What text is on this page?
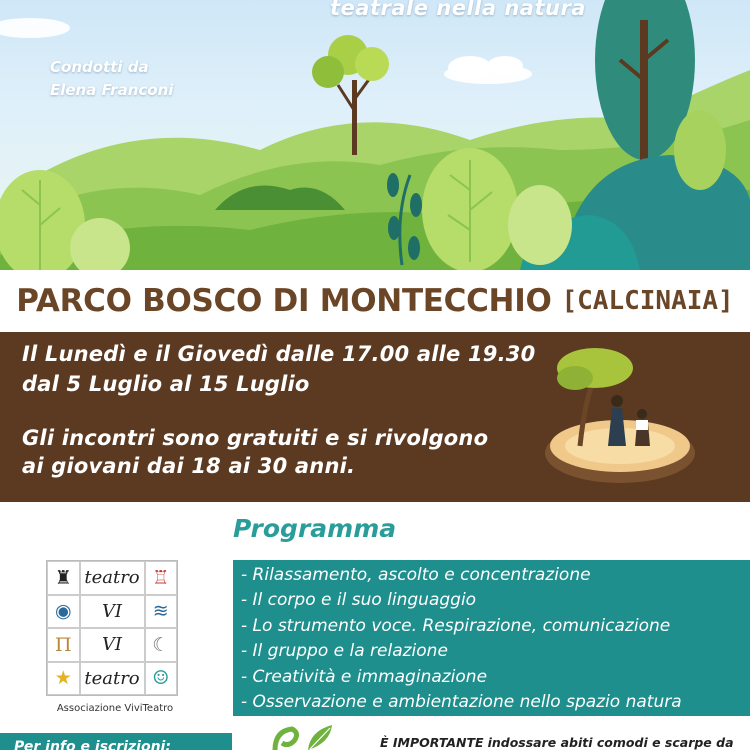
teatrale nella natura
Condotti da
Elena Franconi
PARCO BOSCO DI MONTECCHIO [CALCINAIA]
Il Lunedì e il Giovedì dalle 17.00 alle 19.30
dal 5 Luglio al 15 Luglio
Gli incontri sono gratuiti e si rivolgono
ai giovani dai 18 ai 30 anni.
♜ teatro ♖
◉	VI	≋
Π	VI	☾
★ teatro ☺
Associazione ViviTeatro
Programma
- Rilassamento, ascolto e concentrazione
- Il corpo e il suo linguaggio
- Lo strumento voce. Respirazione, comunicazione
- Il gruppo e la relazione
- Creatività e immaginazione
- Osservazione e ambientazione nello spazio natura
Per info e iscrizioni:	È IMPORTANTE indossare abiti comodi e scarpe da
